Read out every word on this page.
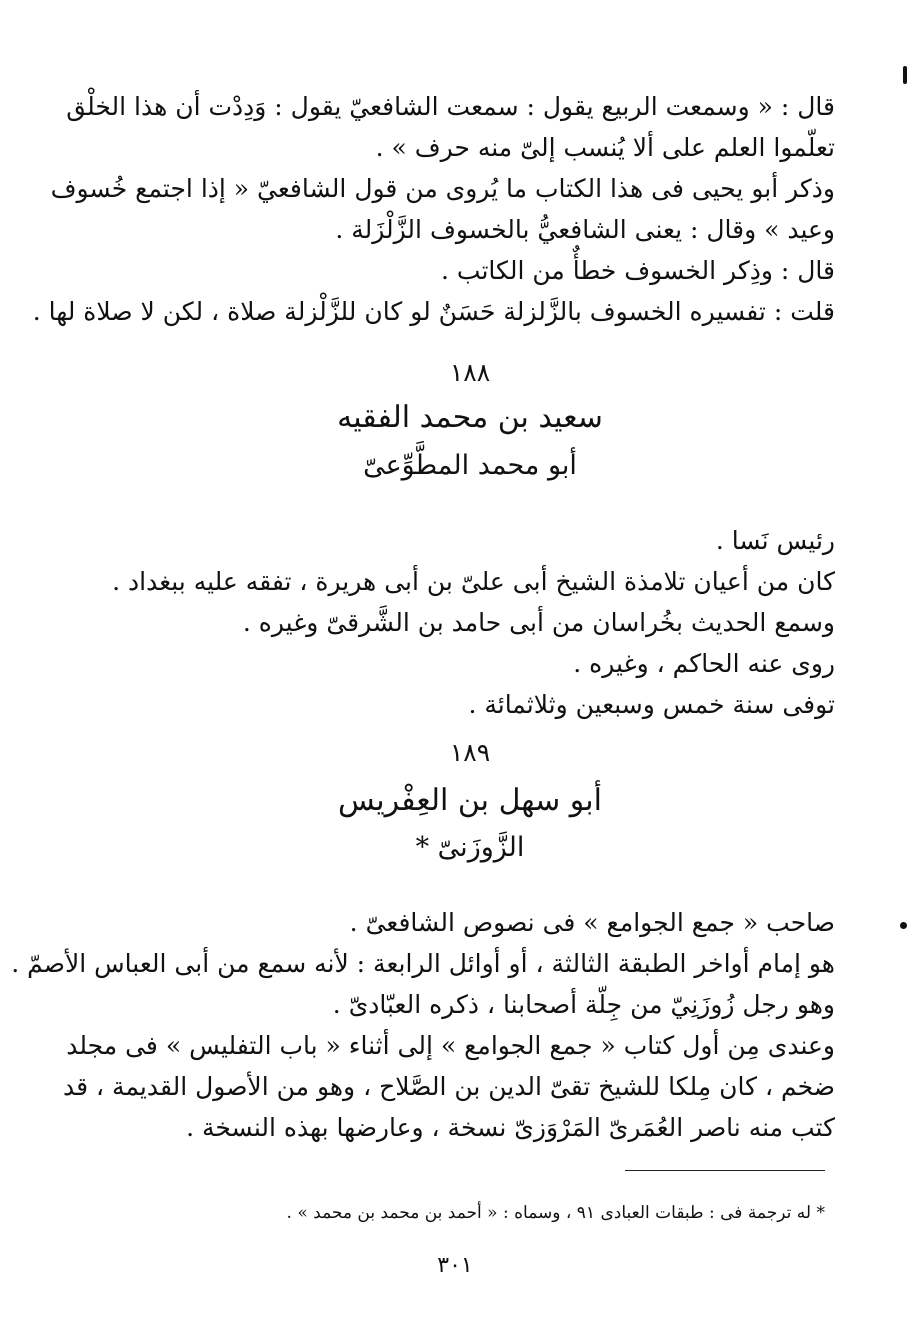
قال : « وسمعت الربيع يقول : سمعت الشافعيّ يقول : وَدِدْت أن هذا الخلْق
تعلّموا العلم على ألا يُنسب إلىّ منه حرف » .
وذكر أبو يحيى فى هذا الكتاب ما يُروى من قول الشافعيّ « إذا اجتمع خُسوف
وعيد » وقال : يعنى الشافعيُّ بالخسوف الزَّلْزَلة .
قال : وذِكر الخسوف خطأٌ من الكاتب .
قلت : تفسيره الخسوف بالزَّلزلة حَسَنٌ لو كان للزَّلْزلة صلاة ، لكن لا صلاة لها .
١٨٨
سعيد بن محمد الفقيه
أبو محمد المطَّوِّعىّ
رئيس نَسا .
كان من أعيان تلامذة الشيخ أبى علىّ بن أبى هريرة ، تفقه عليه ببغداد .
وسمع الحديث بخُراسان من أبى حامد بن الشَّرقىّ وغيره .
روى عنه الحاكم ، وغيره .
توفى سنة خمس وسبعين وثلاثمائة .
١٨٩
أبو سهل بن العِفْريس
الزَّوزَنىّ *
صاحب « جمع الجوامع » فى نصوص الشافعىّ .
هو إمام أواخر الطبقة الثالثة ، أو أوائل الرابعة : لأنه سمع من أبى العباس الأصمّ .
وهو رجل زُوزَنِيّ من جِلّة أصحابنا ، ذكره العبّادىّ .
وعندى مِن أول كتاب « جمع الجوامع » إلى أثناء « باب التفليس » فى مجلد
ضخم ، كان مِلكا للشيخ تقىّ الدين بن الصَّلاح ، وهو من الأصول القديمة ، قد
كتب منه ناصر العُمَرىّ المَرْوَزىّ نسخة ، وعارضها بهذه النسخة .
* له ترجمة فى : طبقات العبادى ٩١ ، وسماه : « أحمد بن محمد بن محمد » .
٣٠١
